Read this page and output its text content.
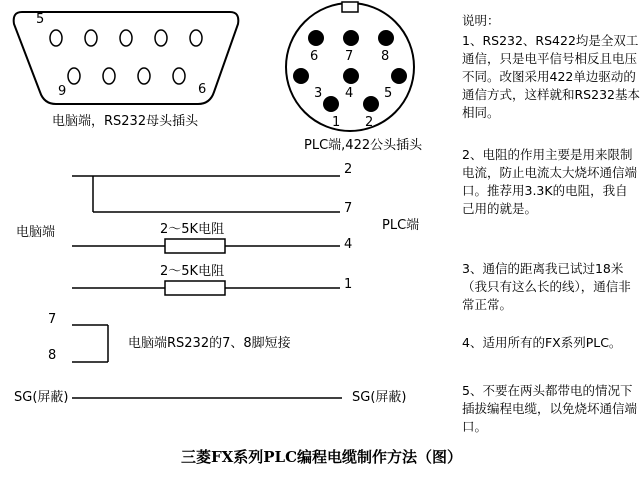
5
9	6
电脑端，RS232母头插头
6 7 8
3 4 5
1 2
PLC端,422公头插头
电脑端	PLC端
2
7
4
1
2～5K电阻
2～5K电阻
7
8
电脑端RS232的7、8脚短接
SG(屏蔽)	SG(屏蔽)
说明：
1、RS232、RS422均是全双工通信，只是电平信号相反且电压不同。改图采用422单边驱动的通信方式，这样就和RS232基本相同。
2、电阻的作用主要是用来限制电流，防止电流太大烧坏通信端口。推荐用3.3K的电阻，我自己用的就是。
3、通信的距离我已试过18米（我只有这么长的线），通信非常正常。
4、适用所有的FX系列PLC。
5、不要在两头都带电的情况下插拔编程电缆，以免烧坏通信端口。
三菱FX系列PLC编程电缆制作方法（图）
